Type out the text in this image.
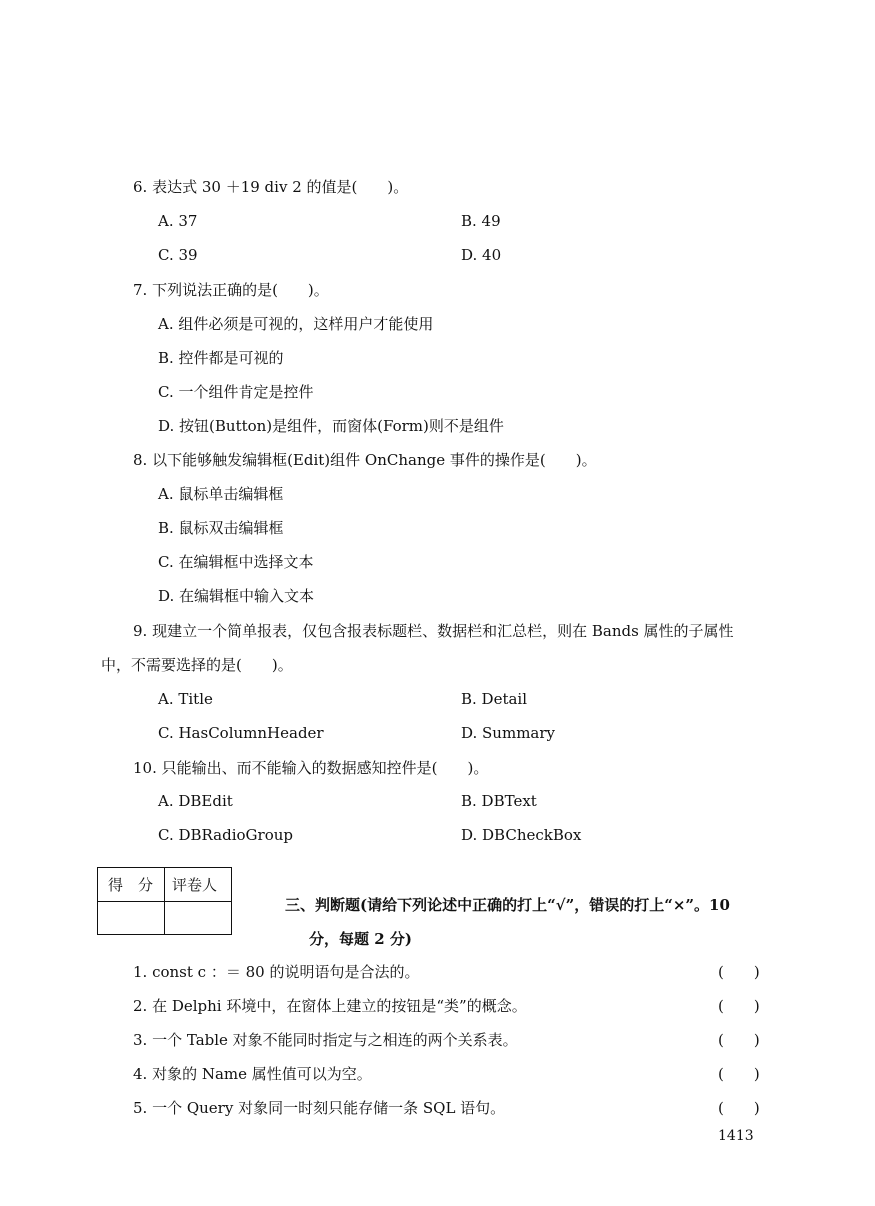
6. 表达式 30 ＋19 div 2 的值是(　　)。
A. 37	B. 49
C. 39	D. 40
7. 下列说法正确的是(　　)。
A. 组件必须是可视的，这样用户才能使用
B. 控件都是可视的
C. 一个组件肯定是控件
D. 按钮(Button)是组件，而窗体(Form)则不是组件
8. 以下能够触发编辑框(Edit)组件 OnChange 事件的操作是(　　)。
A. 鼠标单击编辑框
B. 鼠标双击编辑框
C. 在编辑框中选择文本
D. 在编辑框中输入文本
9. 现建立一个简单报表，仅包含报表标题栏、数据栏和汇总栏，则在 Bands 属性的子属性
中，不需要选择的是(　　)。
A. Title	B. Detail
C. HasColumnHeader	D. Summary
10. 只能输出、而不能输入的数据感知控件是(　　)。
A. DBEdit	B. DBText
C. DBRadioGroup	D. DBCheckBox
得　分 评卷人
三、判断题(请给下列论述中正确的打上“√”，错误的打上“×”。10
分，每题 2 分)
1. const c ：＝ 80 的说明语句是合法的。	(　　)
2. 在 Delphi 环境中，在窗体上建立的按钮是“类”的概念。	(　　)
3. 一个 Table 对象不能同时指定与之相连的两个关系表。	(　　)
4. 对象的 Name 属性值可以为空。	(　　)
5. 一个 Query 对象同一时刻只能存储一条 SQL 语句。	(　　)
1413
